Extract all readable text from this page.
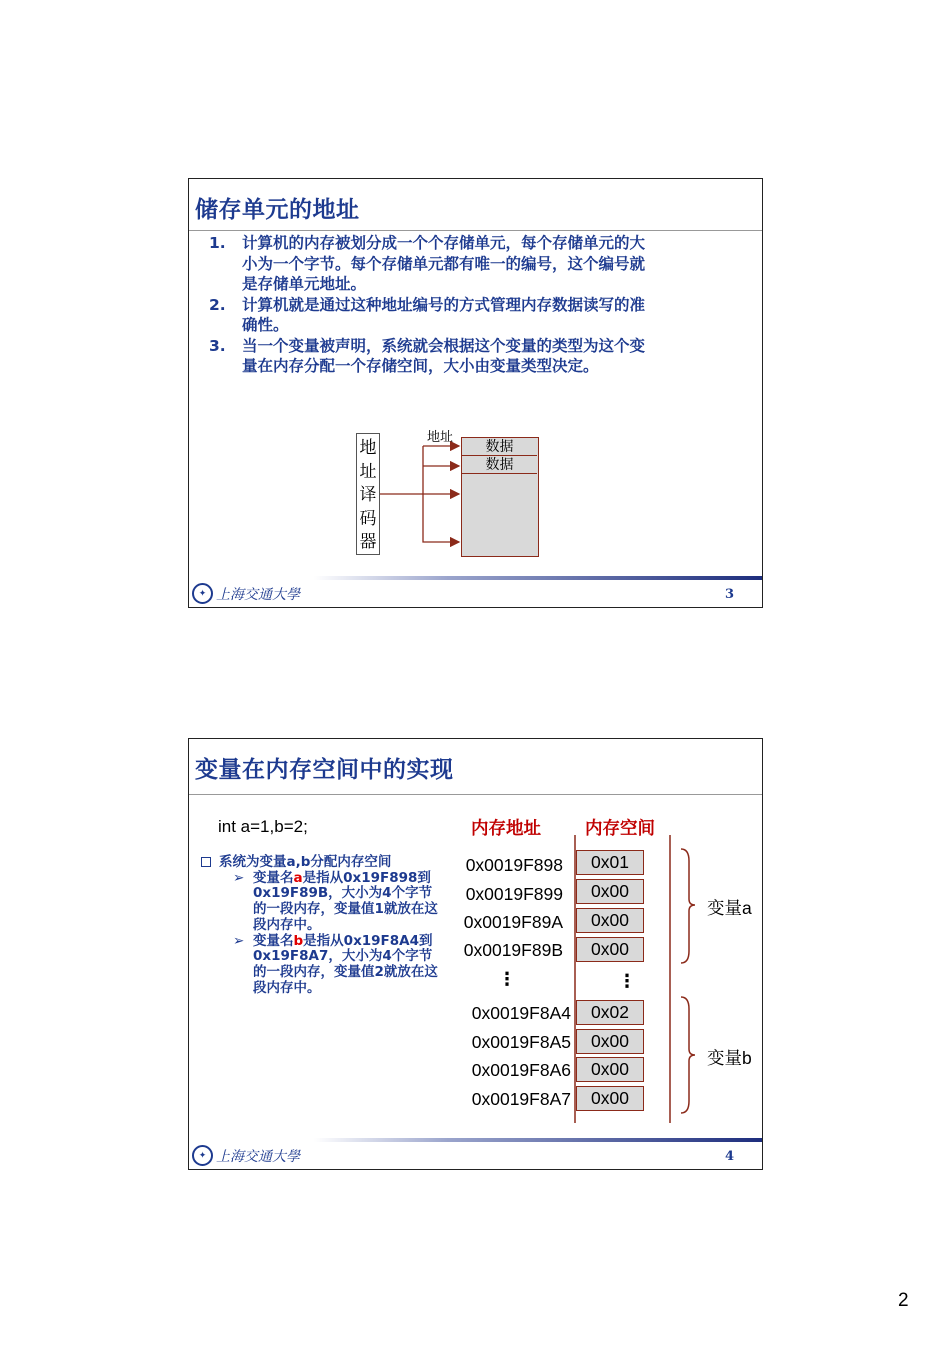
储存单元的地址
1. 计算机的内存被划分成一个个存储单元，每个存储单元的大小为一个字节。每个存储单元都有唯一的编号，这个编号就是存储单元地址。
2. 计算机就是通过这种地址编号的方式管理内存数据读写的准确性。
3. 当一个变量被声明，系统就会根据这个变量的类型为这个变量在内存分配一个存储空间，大小由变量类型决定。
地
址
译
码
器
地址
数据
数据
✦ 上海交通大學	3
变量在内存空间中的实现
int a=1,b=2;	内存地址	内存空间
系统为变量a,b分配内存空间
➢ 变量名a是指从0x19F898到0x19F89B，大小为4个字节的一段内存，变量值1就放在这段内存中。
➢ 变量名b是指从0x19F8A4到0x19F8A7，大小为4个字节的一段内存，变量值2就放在这段内存中。
0x0019F898	0x01
0x0019F899	0x00
0x0019F89A	0x00
0x0019F89B	0x00
⋮	⋮
0x0019F8A4	0x02
0x0019F8A5	0x00
0x0019F8A6	0x00
0x0019F8A7	0x00
变量a
变量b
✦ 上海交通大學	4
2
